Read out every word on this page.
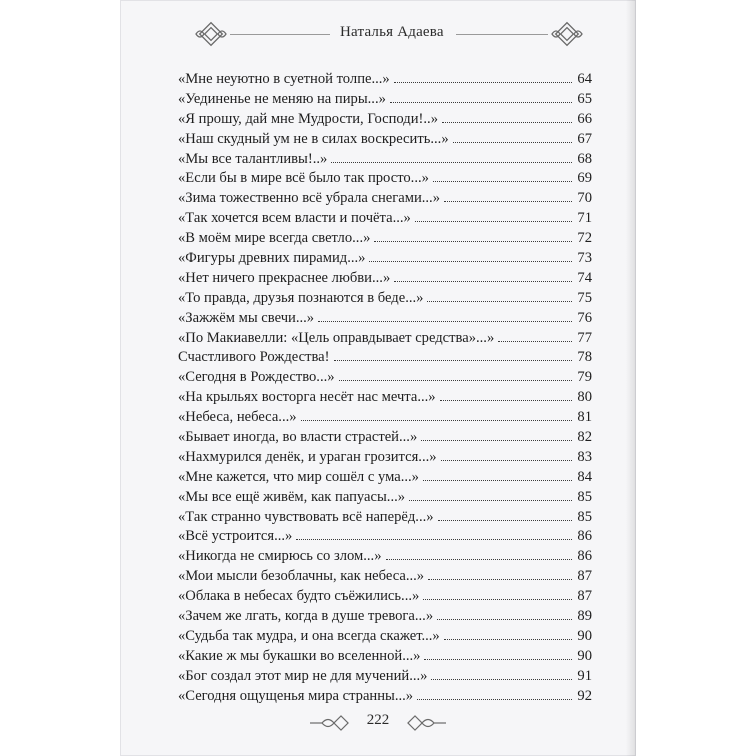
Наталья Адаева
«Мне неуютно в суетной толпе...»	64
«Уединенье не меняю на пиры...»	65
«Я прошу, дай мне Мудрости, Господи!..»	66
«Наш скудный ум не в силах воскресить...»	67
«Мы все талантливы!..»	68
«Если бы в мире всё было так просто...»	69
«Зима тожественно всё убрала снегами...»	70
«Так хочется всем власти и почёта...»	71
«В моём мире всегда светло...»	72
«Фигуры древних пирамид...»	73
«Нет ничего прекраснее любви...»	74
«То правда, друзья познаются в беде...»	75
«Зажжём мы свечи...»	76
«По Макиавелли: «Цель оправдывает средства»...»	77
Счастливого Рождества!	78
«Сегодня в Рождество...»	79
«На крыльях восторга несёт нас мечта...»	80
«Небеса, небеса...»	81
«Бывает иногда, во власти страстей...»	82
«Нахмурился денёк, и ураган грозится...»	83
«Мне кажется, что мир сошёл с ума...»	84
«Мы все ещё живём, как папуасы...»	85
«Так странно чувствовать всё наперёд...»	85
«Всё устроится...»	86
«Никогда не смирюсь со злом...»	86
«Мои мысли безоблачны, как небеса...»	87
«Облака в небесах будто съёжились...»	87
«Зачем же лгать, когда в душе тревога...»	89
«Судьба так мудра, и она всегда скажет...»	90
«Какие ж мы букашки во вселенной...»	90
«Бог создал этот мир не для мучений...»	91
«Сегодня ощущенья мира странны...»	92
222
